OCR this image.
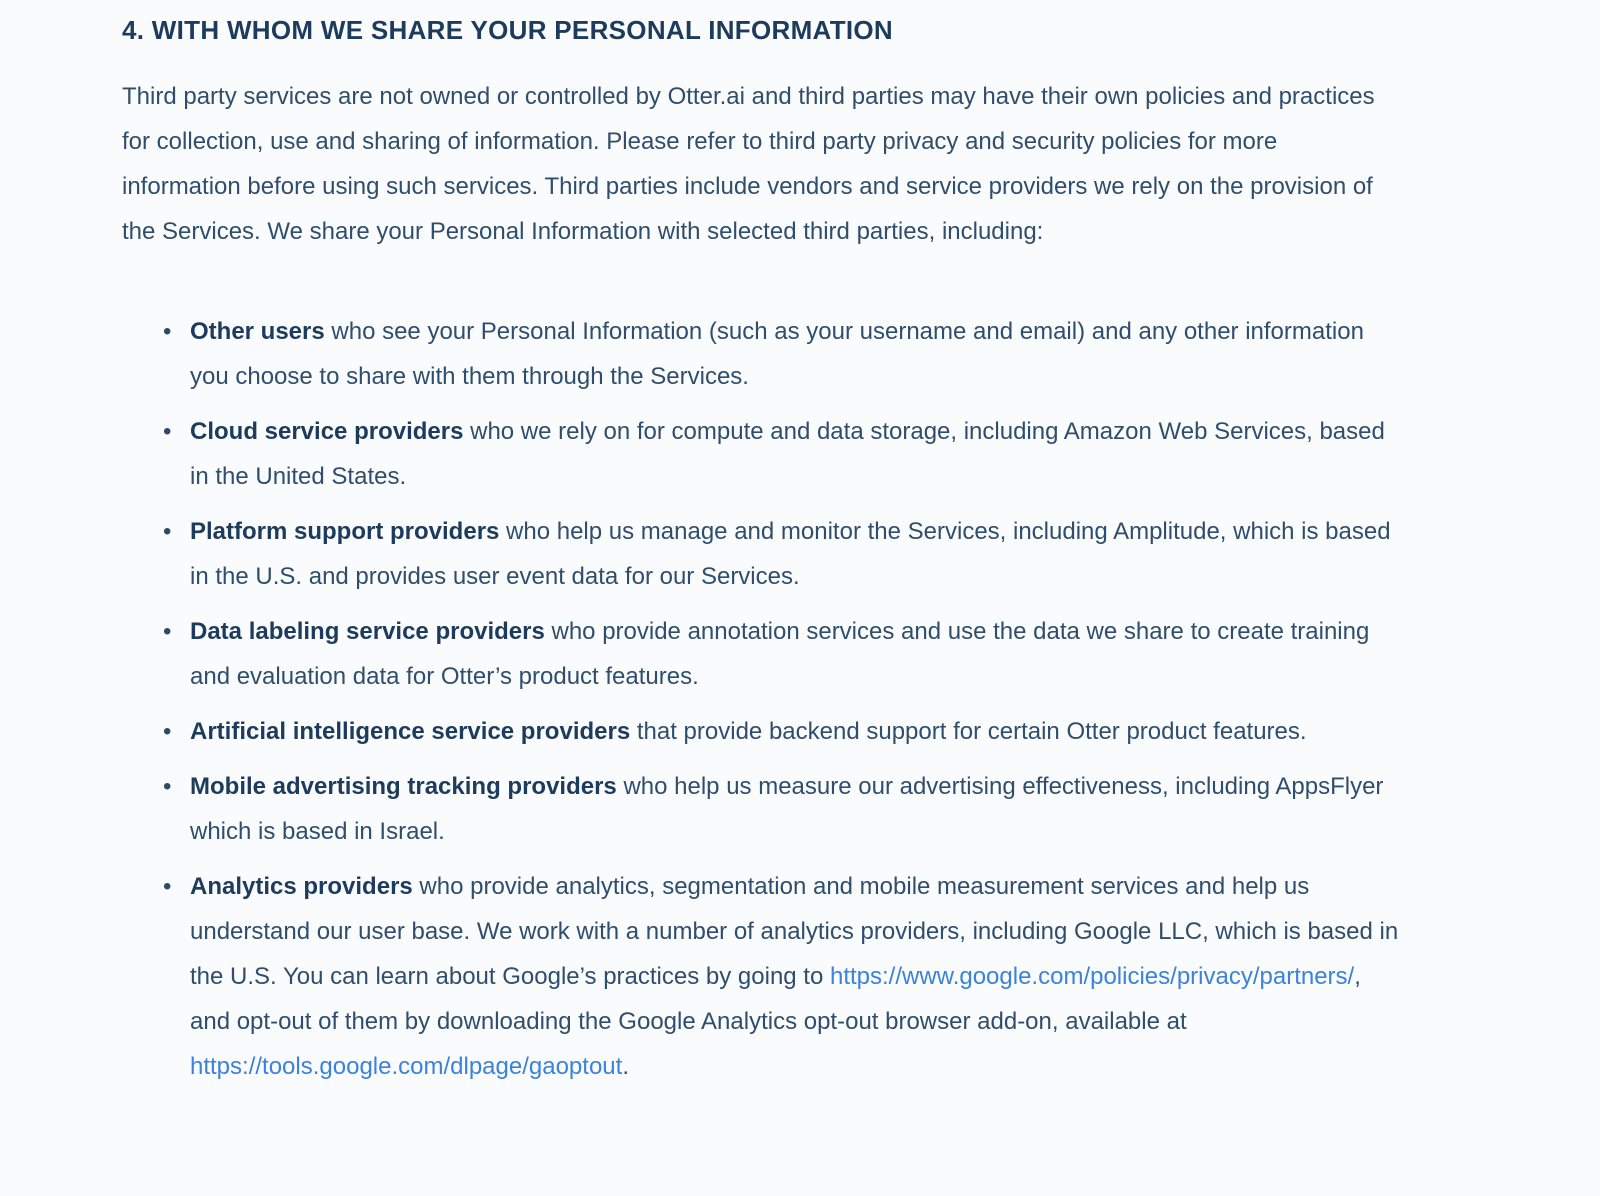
4. WITH WHOM WE SHARE YOUR PERSONAL INFORMATION

Third party services are not owned or controlled by Otter.ai and third parties may have their own policies and practices for collection, use and sharing of information. Please refer to third party privacy and security policies for more information before using such services. Third parties include vendors and service providers we rely on the provision of the Services. We share your Personal Information with selected third parties, including:

• Other users who see your Personal Information (such as your username and email) and any other information you choose to share with them through the Services.
• Cloud service providers who we rely on for compute and data storage, including Amazon Web Services, based in the United States.
• Platform support providers who help us manage and monitor the Services, including Amplitude, which is based in the U.S. and provides user event data for our Services.
• Data labeling service providers who provide annotation services and use the data we share to create training and evaluation data for Otter’s product features.
• Artificial intelligence service providers that provide backend support for certain Otter product features.
• Mobile advertising tracking providers who help us measure our advertising effectiveness, including AppsFlyer which is based in Israel.
• Analytics providers who provide analytics, segmentation and mobile measurement services and help us understand our user base. We work with a number of analytics providers, including Google LLC, which is based in the U.S. You can learn about Google’s practices by going to https://www.google.com/policies/privacy/partners/, and opt-out of them by downloading the Google Analytics opt-out browser add-on, available at https://tools.google.com/dlpage/gaoptout.
